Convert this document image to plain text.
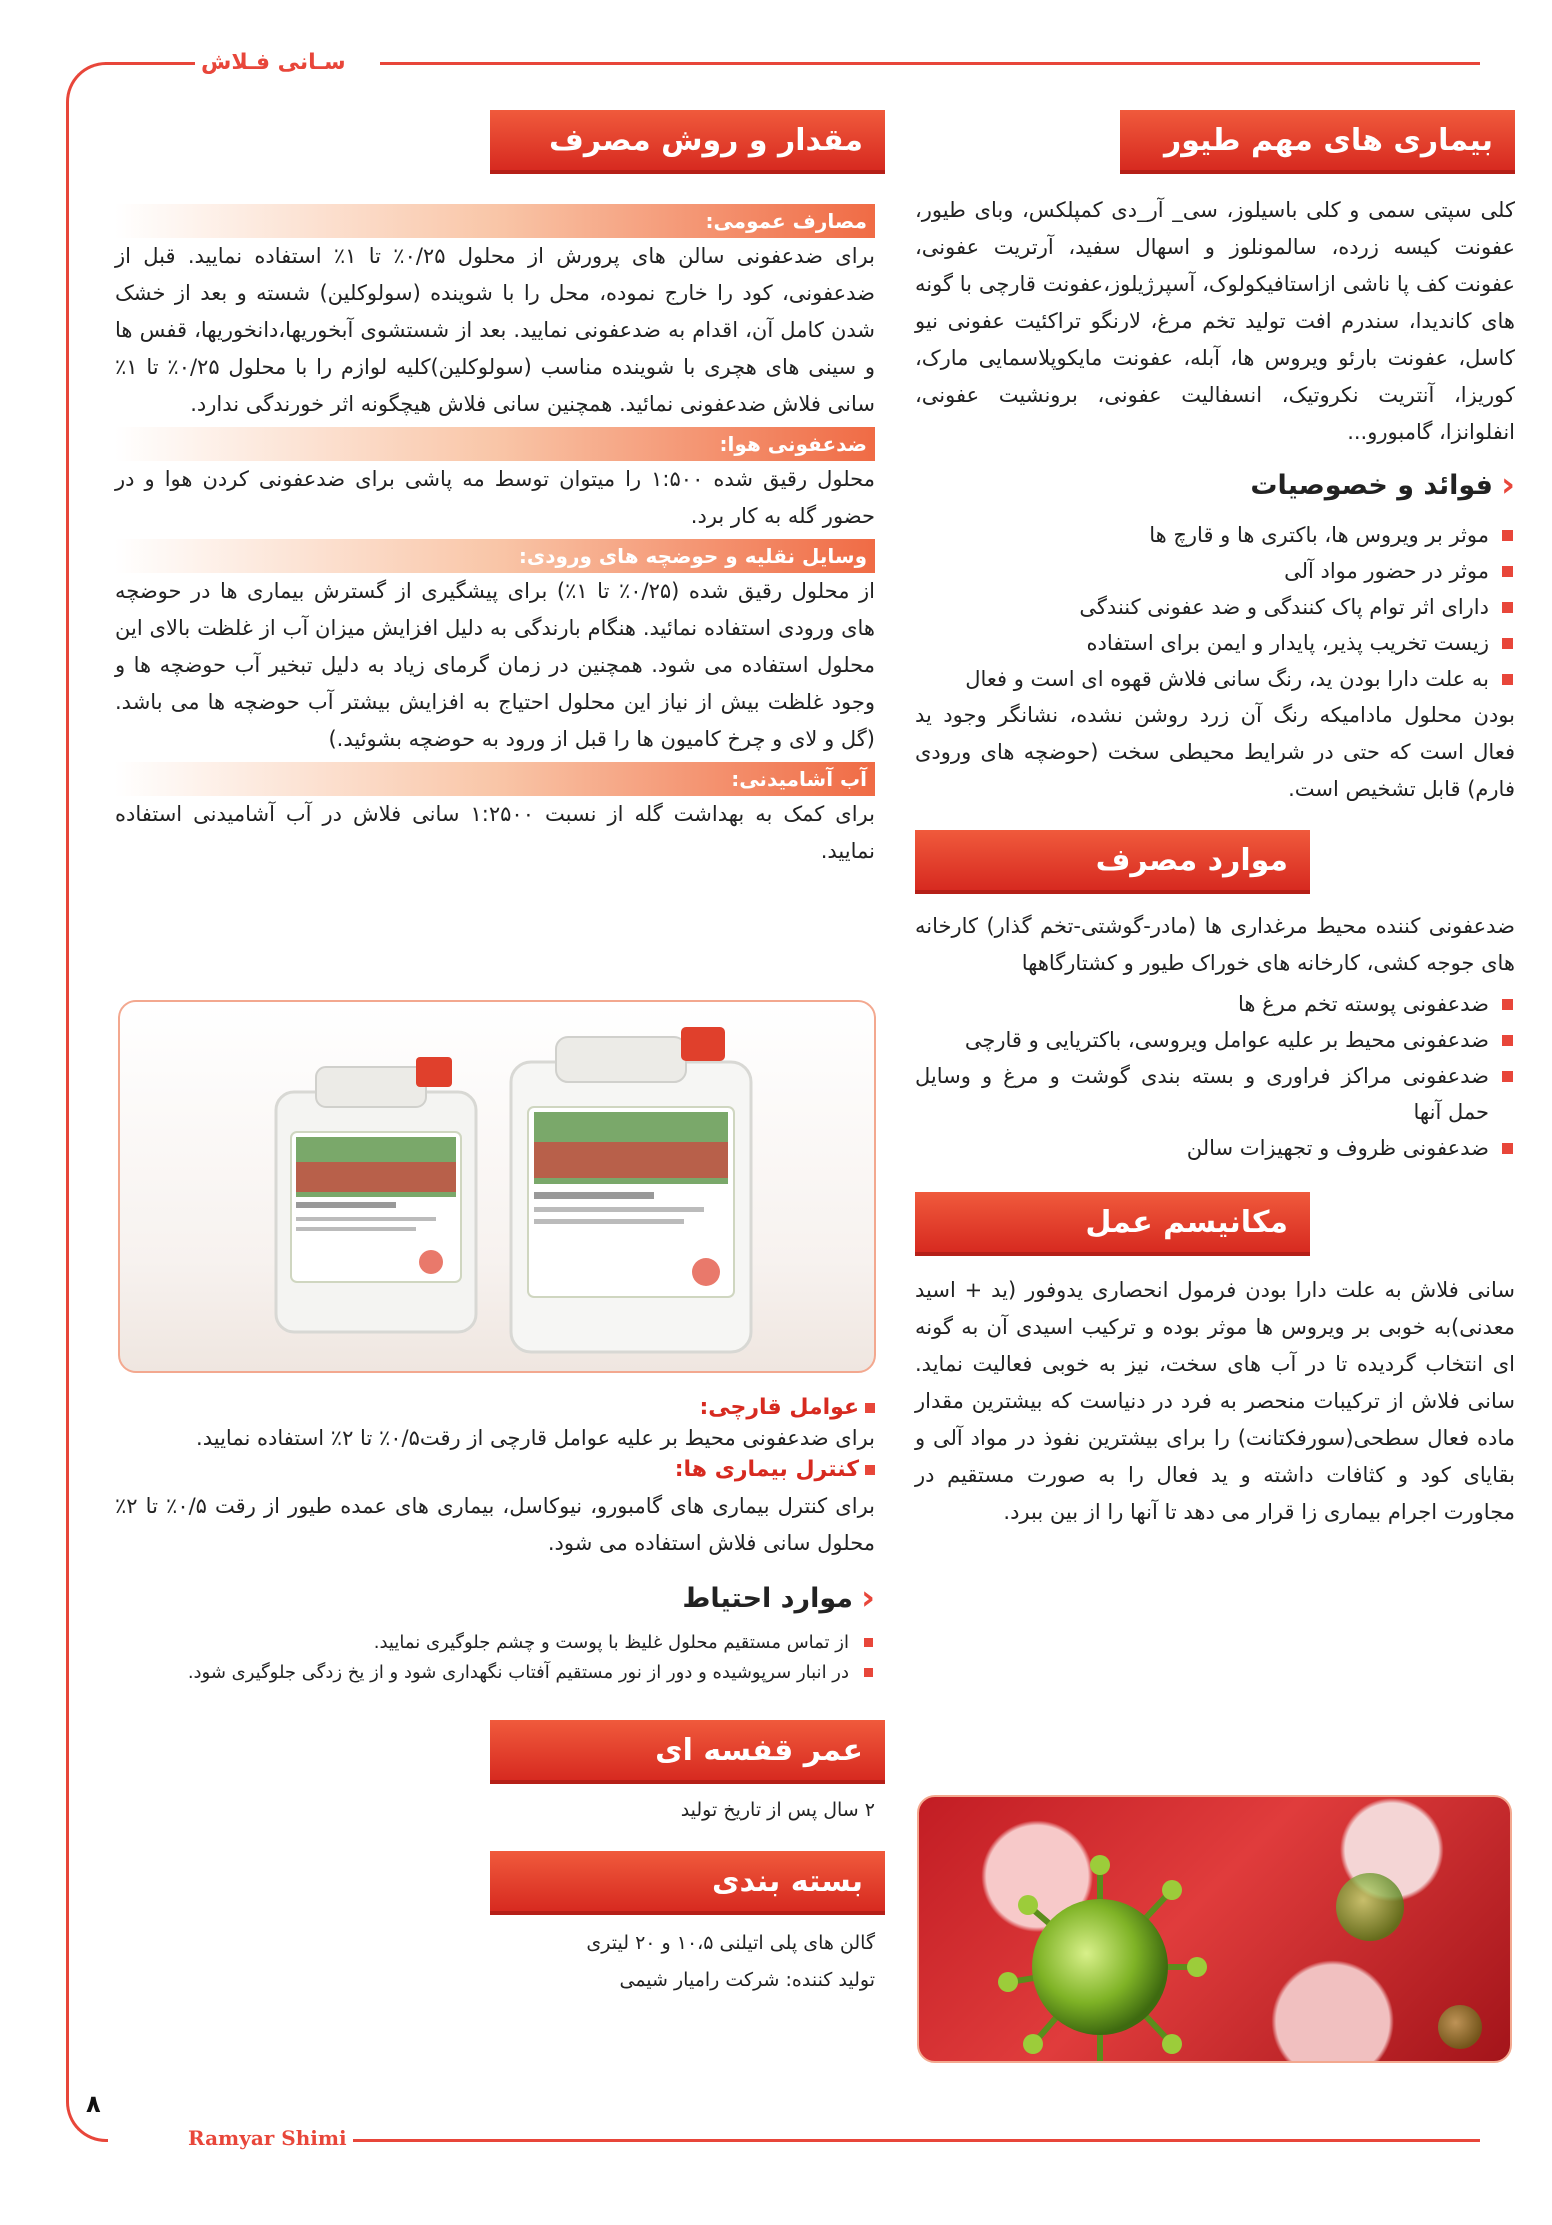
سـانی فـلاش
Ramyar Shimi
۸
بیماری های مهم طیور

کلی سپتی سمی و کلی باسیلوز، سی_ آر_دی کمپلکس، وبای طیور، عفونت کیسه زرده، سالمونلوز و اسهال سفید، آرتریت عفونی، عفونت کف پا ناشی ازاستافیکولوک، آسپرژیلوز،عفونت قارچی با گونه های کاندیدا، سندرم افت تولید تخم مرغ، لارنگو تراکئیت عفونی نیو کاسل، عفونت بارئو ویروس ها، آبله، عفونت مایکوپلاسمایی مارک، کوریزا، آنتریت نکروتیک، انسفالیت عفونی، برونشیت عفونی، انفلوانزا، گامبورو...

‹
فوائد و خصوصیات
موثر بر ویروس ها، باکتری ها و قارچ ها
موثر در حضور مواد آلی
دارای اثر توام پاک کنندگی و ضد عفونی کنندگی
زیست تخریب پذیر، پایدار و ایمن برای استفاده
به علت دارا بودن ید، رنگ سانی فلاش قهوه ای است و فعال

بودن محلول مادامیکه رنگ آن زرد روشن نشده، نشانگر وجود ید فعال است که حتی در شرایط محیطی سخت (حوضچه های ورودی فارم) قابل تشخیص است.

موارد مصرف

ضدعفونی کننده محیط مرغداری ها (مادر-گوشتی-تخم گذار) کارخانه های جوجه کشی، کارخانه های خوراک طیور و کشتارگاهها

ضدعفونی پوسته تخم مرغ ها
ضدعفونی محیط بر علیه عوامل ویروسی، باکتریایی و قارچی
ضدعفونی مراکز فراوری و بسته بندی گوشت و مرغ و وسایل حمل آنها
ضدعفونی ظروف و تجهیزات سالن
مکانیسم عمل

سانی فلاش به علت دارا بودن فرمول انحصاری یدوفور (ید + اسید معدنی)به خوبی بر ویروس ها موثر بوده و ترکیب اسیدی آن به گونه ای انتخاب گردیده تا در آب های سخت، نیز به خوبی فعالیت نماید. سانی فلاش از ترکیبات منحصر به فرد در دنیاست که بیشترین مقدار ماده فعال سطحی(سورفکتانت) را برای بیشترین نفوذ در مواد آلی و بقایای کود و کثافات داشته و ید فعال را به صورت مستقیم در مجاورت اجرام بیماری زا قرار می دهد تا آنها را از بین ببرد.

مقدار و روش مصرف
مصارف عمومی:

برای ضدعفونی سالن های پرورش از محلول ۰/۲۵٪ تا ۱٪ استفاده نمایید. قبل از ضدعفونی، کود را خارج نموده، محل را با شوینده (سولوکلین) شسته و بعد از خشک شدن کامل آن، اقدام به ضدعفونی نمایید. بعد از شستشوی آبخوریها،دانخوریها، قفس ها و سینی های هچری با شوینده مناسب (سولوکلین)کلیه لوازم را با محلول ۰/۲۵٪ تا ۱٪ سانی فلاش ضدعفونی نمائید. همچنین سانی فلاش هیچگونه اثر خورندگی ندارد.

ضدعفونی هوا:

محلول رقیق شده ۱:۵۰۰ را میتوان توسط مه پاشی برای ضدعفونی کردن هوا و در حضور گله به کار برد.

وسایل نقلیه و حوضچه های ورودی:

از محلول رقیق شده (۰/۲۵٪ تا ۱٪) برای پیشگیری از گسترش بیماری ها در حوضچه های ورودی استفاده نمائید. هنگام بارندگی به دلیل افزایش میزان آب از غلظت بالای این محلول استفاده می شود. همچنین در زمان گرمای زیاد به دلیل تبخیر آب حوضچه ها و وجود غلظت بیش از نیاز این محلول احتیاج به افزایش بیشتر آب حوضچه ها می باشد.(گل و لای و چرخ کامیون ها را قبل از ورود به حوضچه بشوئید.)

آب آشامیدنی:

برای کمک به بهداشت گله از نسبت ۱:۲۵۰۰ سانی فلاش در آب آشامیدنی استفاده نمایید.

عوامل قارچی:

برای ضدعفونی محیط بر علیه عوامل قارچی از رقت۰/۵٪ تا ۲٪ استفاده نمایید.

کنترل بیماری ها:

برای کنترل بیماری های گامبورو، نیوکاسل، بیماری های عمده طیور از رقت ۰/۵٪ تا ۲٪ محلول سانی فلاش استفاده می شود.

‹
موارد احتیاط
از تماس مستقیم محلول غلیظ با پوست و چشم جلوگیری نمایید.
در انبار سرپوشیده و دور از نور مستقیم آفتاب نگهداری شود و از یخ زدگی جلوگیری شود.
عمر قفسه ای

۲ سال پس از تاریخ تولید

بسته بندی

گالن های پلی اتیلنی ۱۰،۵ و ۲۰ لیتری

تولید کننده: شرکت رامیار شیمی
